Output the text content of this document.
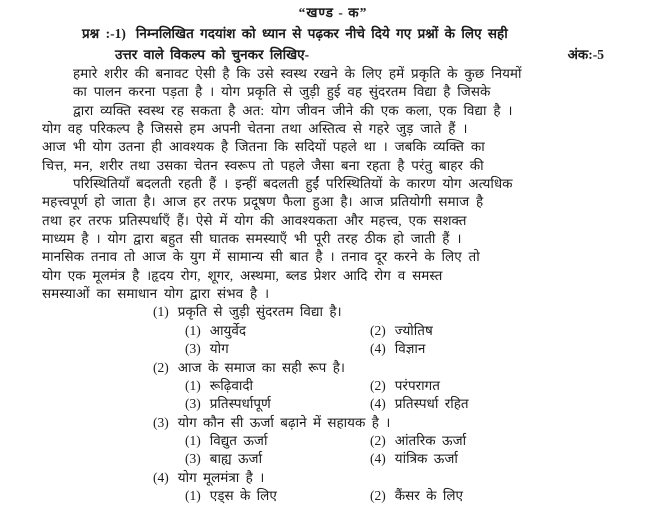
“खण्ड - क”
प्रश्न :-1) निम्नलिखित गदयांश को ध्यान से पढ़कर नीचे दिये गए प्रश्नों के लिए सही
उत्तर वाले विकल्प को चुनकर लिखिए-	अंक:-5
हमारे शरीर की बनावट ऐसी है कि उसे स्वस्थ रखने के लिए हमें प्रकृति के कुछ नियमों
का पालन करना पड़ता है । योग प्रकृति से जुड़ी हुई वह सुंदरतम विद्या है जिसके
द्वारा व्यक्ति स्वस्थ रह सकता है अत: योग जीवन जीने की एक कला, एक विद्या है ।
योग वह परिकल्प है जिससे हम अपनी चेतना तथा अस्तित्व से गहरे जुड़ जाते हैं ।
आज भी योग उतना ही आवश्यक है जितना कि सदियों पहले था । जबकि व्यक्ति का
चित्त, मन, शरीर तथा उसका चेतन स्वरूप तो पहले जैसा बना रहता है परंतु बाहर की
परिस्थितियाँ बदलती रहती हैं । इन्हीं बदलती हुईं परिस्थितियों के कारण योग अत्यधिक
महत्त्वपूर्ण हो जाता है। आज हर तरफ प्रदूषण फैला हुआ है। आज प्रतियोगी समाज है
तथा हर तरफ प्रतिस्पर्धाएँ हैं। ऐसे में योग की आवश्यकता और महत्त्व, एक सशक्त
माध्यम है । योग द्वारा बहुत सी घातक समस्याएँ भी पूरी तरह ठीक हो जाती हैं ।
मानसिक तनाव तो आज के युग में सामान्य सी बात है । तनाव दूर करने के लिए तो
योग एक मूलमंत्र है ।हृदय रोग, शूगर, अस्थमा, ब्लड प्रेशर आदि रोग व समस्त
समस्याओं का समाधान योग द्वारा संभव है ।
(1) प्रकृति से जुड़ी सुंदरतम विद्या है।
(1) आयुर्वेद	(2) ज्योतिष
(3) योग	(4) विज्ञान
(2) आज के समाज का सही रूप है।
(1) रूढ़िवादी	(2) परंपरागत
(3) प्रतिस्पर्धापूर्ण	(4) प्रतिस्पर्धा रहित
(3) योग कौन सी ऊर्जा बढ़ाने में सहायक है ।
(1) विद्युत ऊर्जा	(2) आंतरिक ऊर्जा
(3) बाह्य ऊर्जा	(4) यांत्रिक ऊर्जा
(4) योग मूलमंत्रा है ।
(1) एड्स के लिए	(2) कैंसर के लिए
